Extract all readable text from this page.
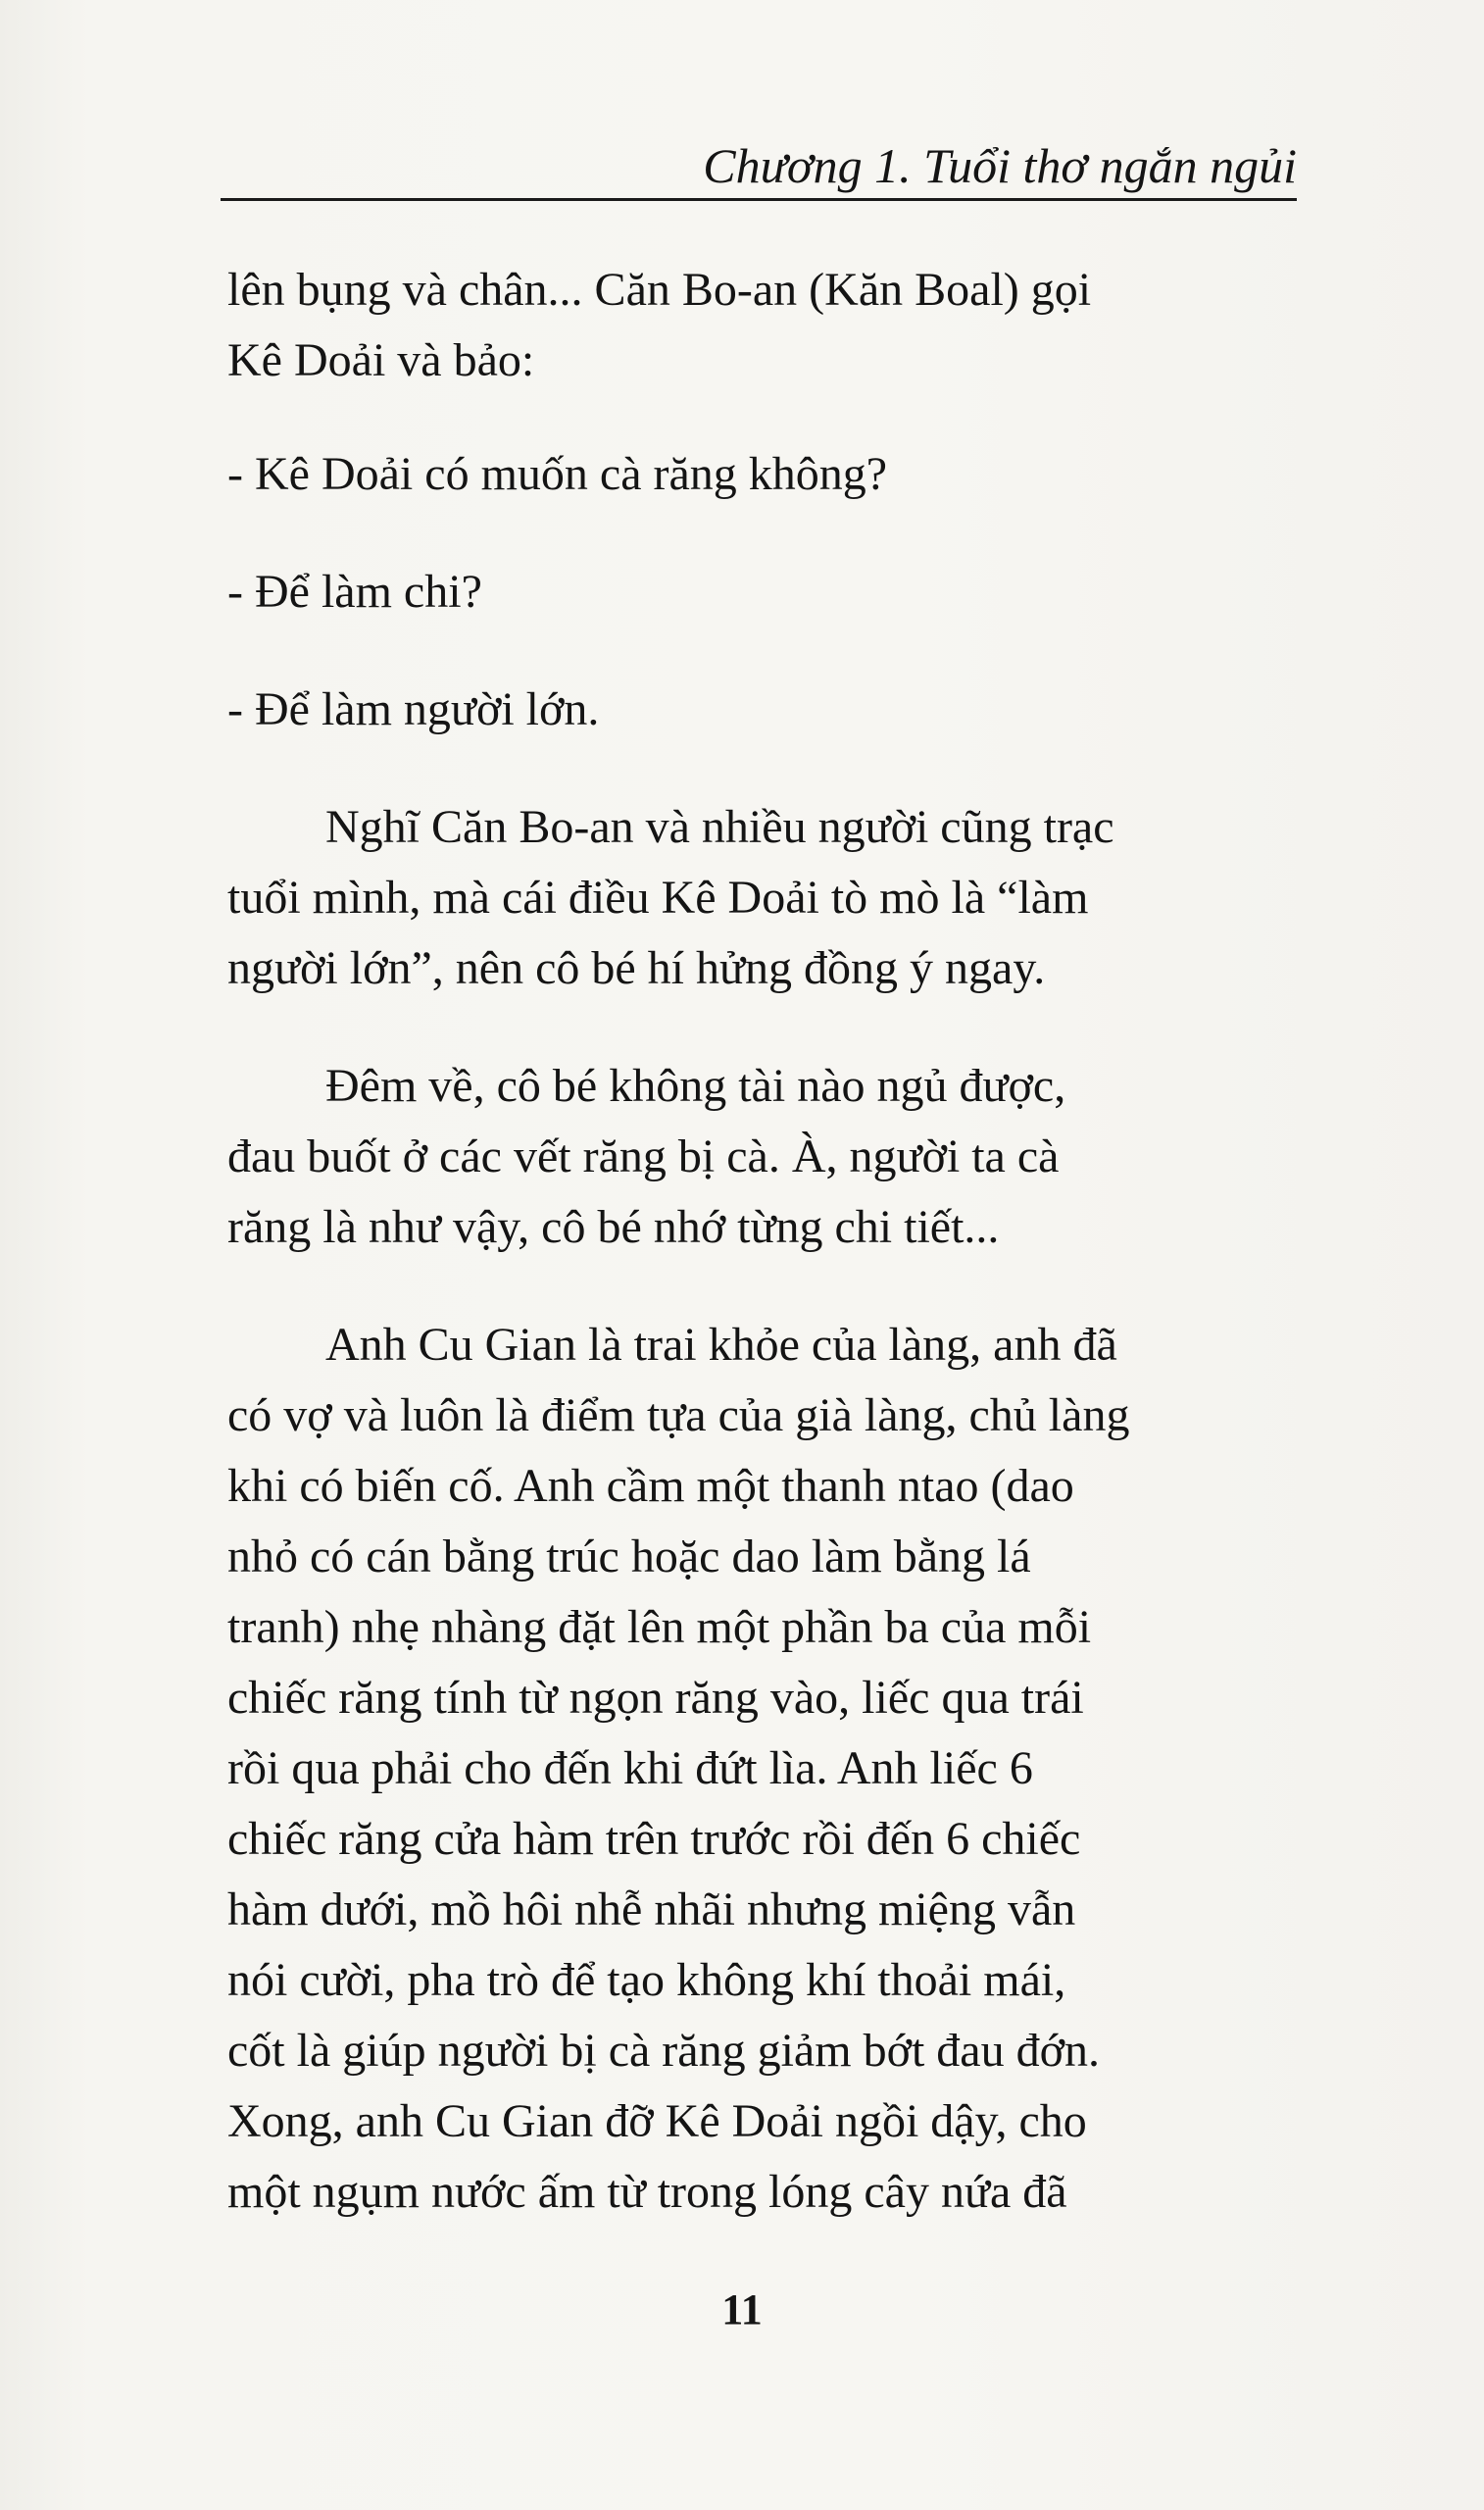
Chương 1. Tuổi thơ ngắn ngủi
lên bụng và chân... Căn Bo-an (Kăn Boal) gọi
Kê Doải và bảo:
- Kê Doải có muốn cà răng không?
- Để làm chi?
- Để làm người lớn.
Nghĩ Căn Bo-an và nhiều người cũng trạc
tuổi mình, mà cái điều Kê Doải tò mò là “làm
người lớn”, nên cô bé hí hửng đồng ý ngay.
Đêm về, cô bé không tài nào ngủ được,
đau buốt ở các vết răng bị cà. À, người ta cà
răng là như vậy, cô bé nhớ từng chi tiết...
Anh Cu Gian là trai khỏe của làng, anh đã
có vợ và luôn là điểm tựa của già làng, chủ làng
khi có biến cố. Anh cầm một thanh ntao (dao
nhỏ có cán bằng trúc hoặc dao làm bằng lá
tranh) nhẹ nhàng đặt lên một phần ba của mỗi
chiếc răng tính từ ngọn răng vào, liếc qua trái
rồi qua phải cho đến khi đứt lìa. Anh liếc 6
chiếc răng cửa hàm trên trước rồi đến 6 chiếc
hàm dưới, mồ hôi nhễ nhãi nhưng miệng vẫn
nói cười, pha trò để tạo không khí thoải mái,
cốt là giúp người bị cà răng giảm bớt đau đớn.
Xong, anh Cu Gian đỡ Kê Doải ngồi dậy, cho
một ngụm nước ấm từ trong lóng cây nứa đã
11
